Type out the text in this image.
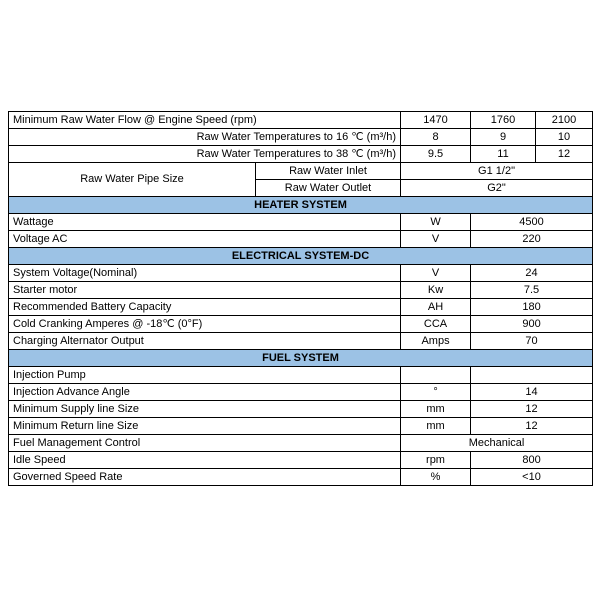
Minimum Raw Water Flow @ Engine Speed (rpm)		1470	1760	2100
Raw Water Temperatures to 16 ℃ (m³/h)		8	9	10
Raw Water Temperatures to 38 ℃ (m³/h)		9.5	11	12
Raw Water Pipe Size	Raw Water Inlet	G1 1/2"		
	Raw Water Outlet	G2"		
HEATER SYSTEM				
Wattage		W	4500	
Voltage AC		V	220	
ELECTRICAL SYSTEM-DC				
System Voltage(Nominal)		V	24	
Starter motor		Kw	7.5	
Recommended Battery Capacity		AH	180	
Cold Cranking Amperes @ -18℃ (0°F)		CCA	900	
Charging Alternator Output		Amps	70	
FUEL SYSTEM				
Injection Pump				
Injection Advance Angle		°	14	
Minimum Supply line Size		mm	12	
Minimum Return line Size		mm	12	
Fuel Management Control		Mechanical		
Idle Speed		rpm	800	
Governed Speed Rate		%	<10	
